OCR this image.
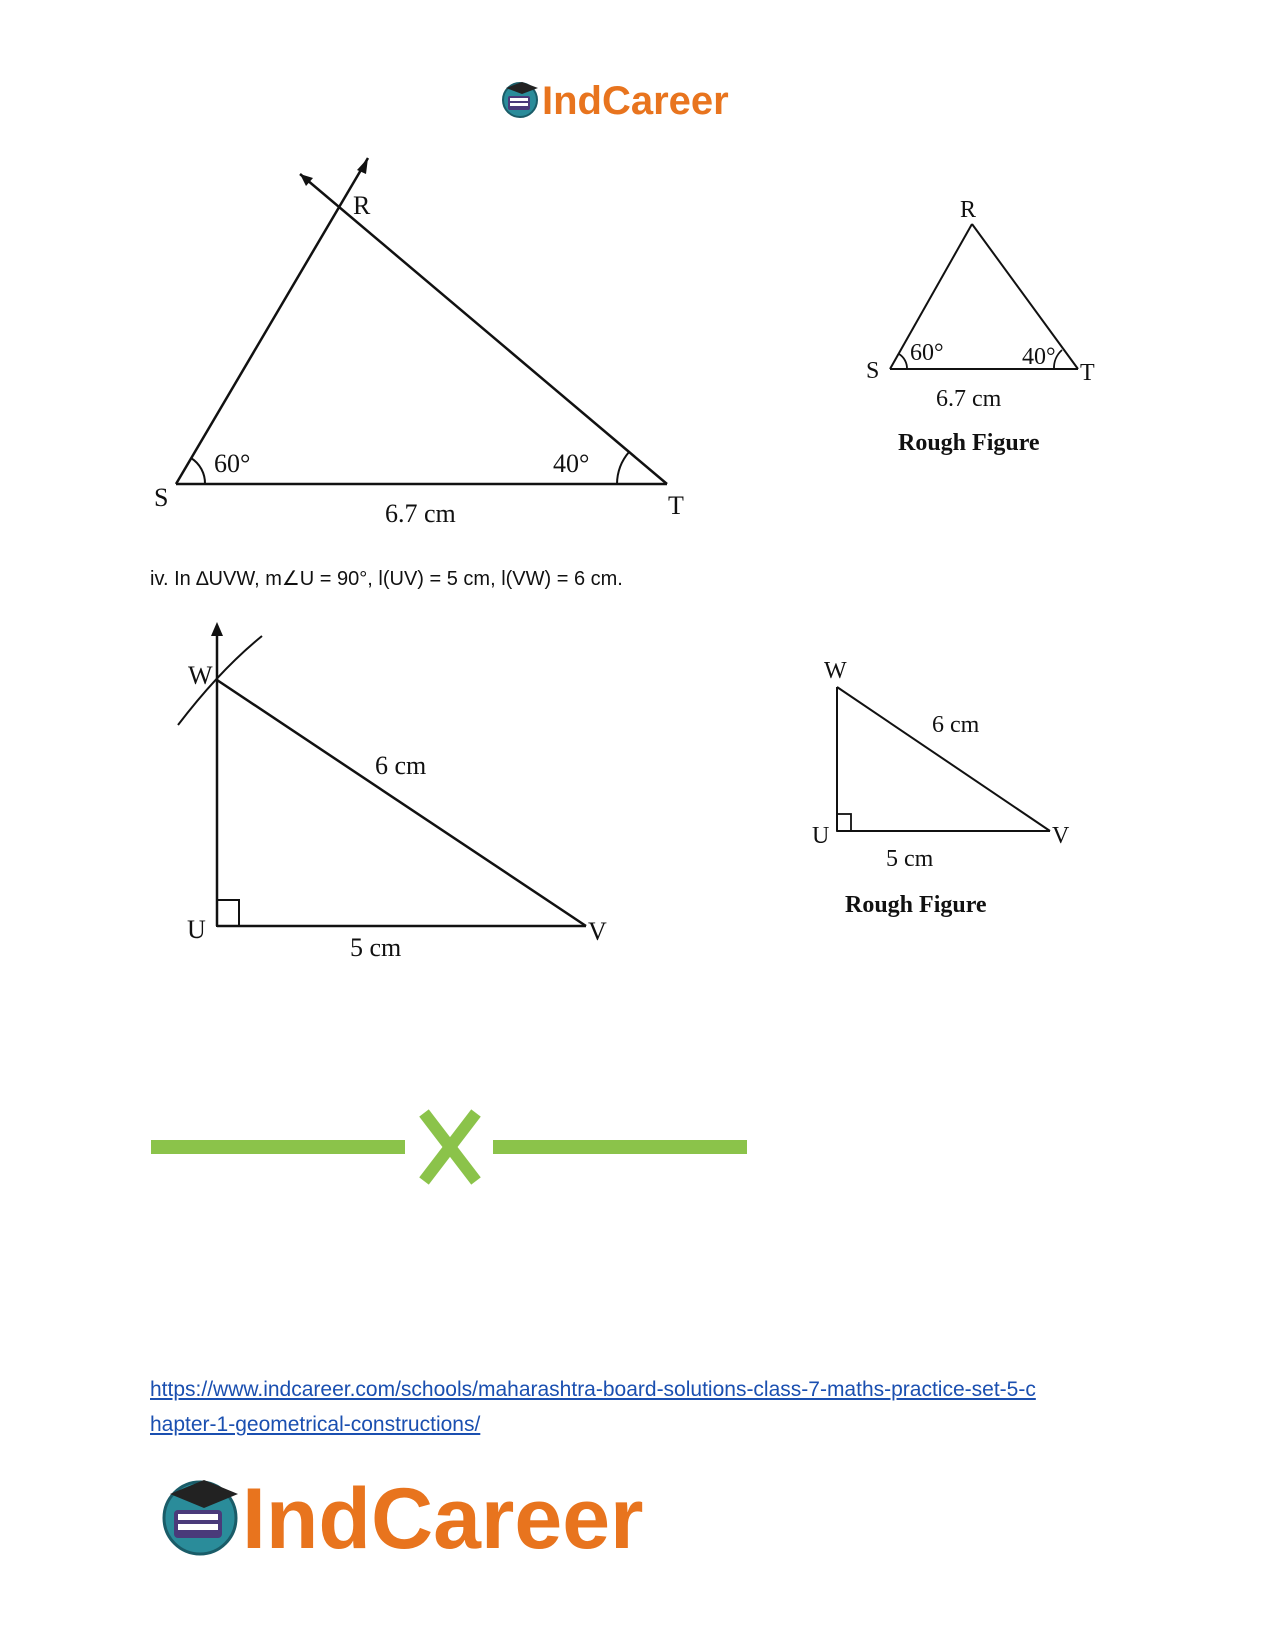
IndCareer
R
S	T
60°	40°
6.7 cm
R
S	T
60°	40°
6.7 cm
Rough Figure
W
U	V
6 cm
5 cm
W
U	V
6 cm
5 cm
Rough Figure
iv. In ∆UVW, m∠U = 90°, l(UV) = 5 cm, l(VW) = 6 cm.
https://www.indcareer.com/schools/maharashtra-board-solutions-class-7-maths-practice-set-5-c
hapter-1-geometrical-constructions/
IndCareer
